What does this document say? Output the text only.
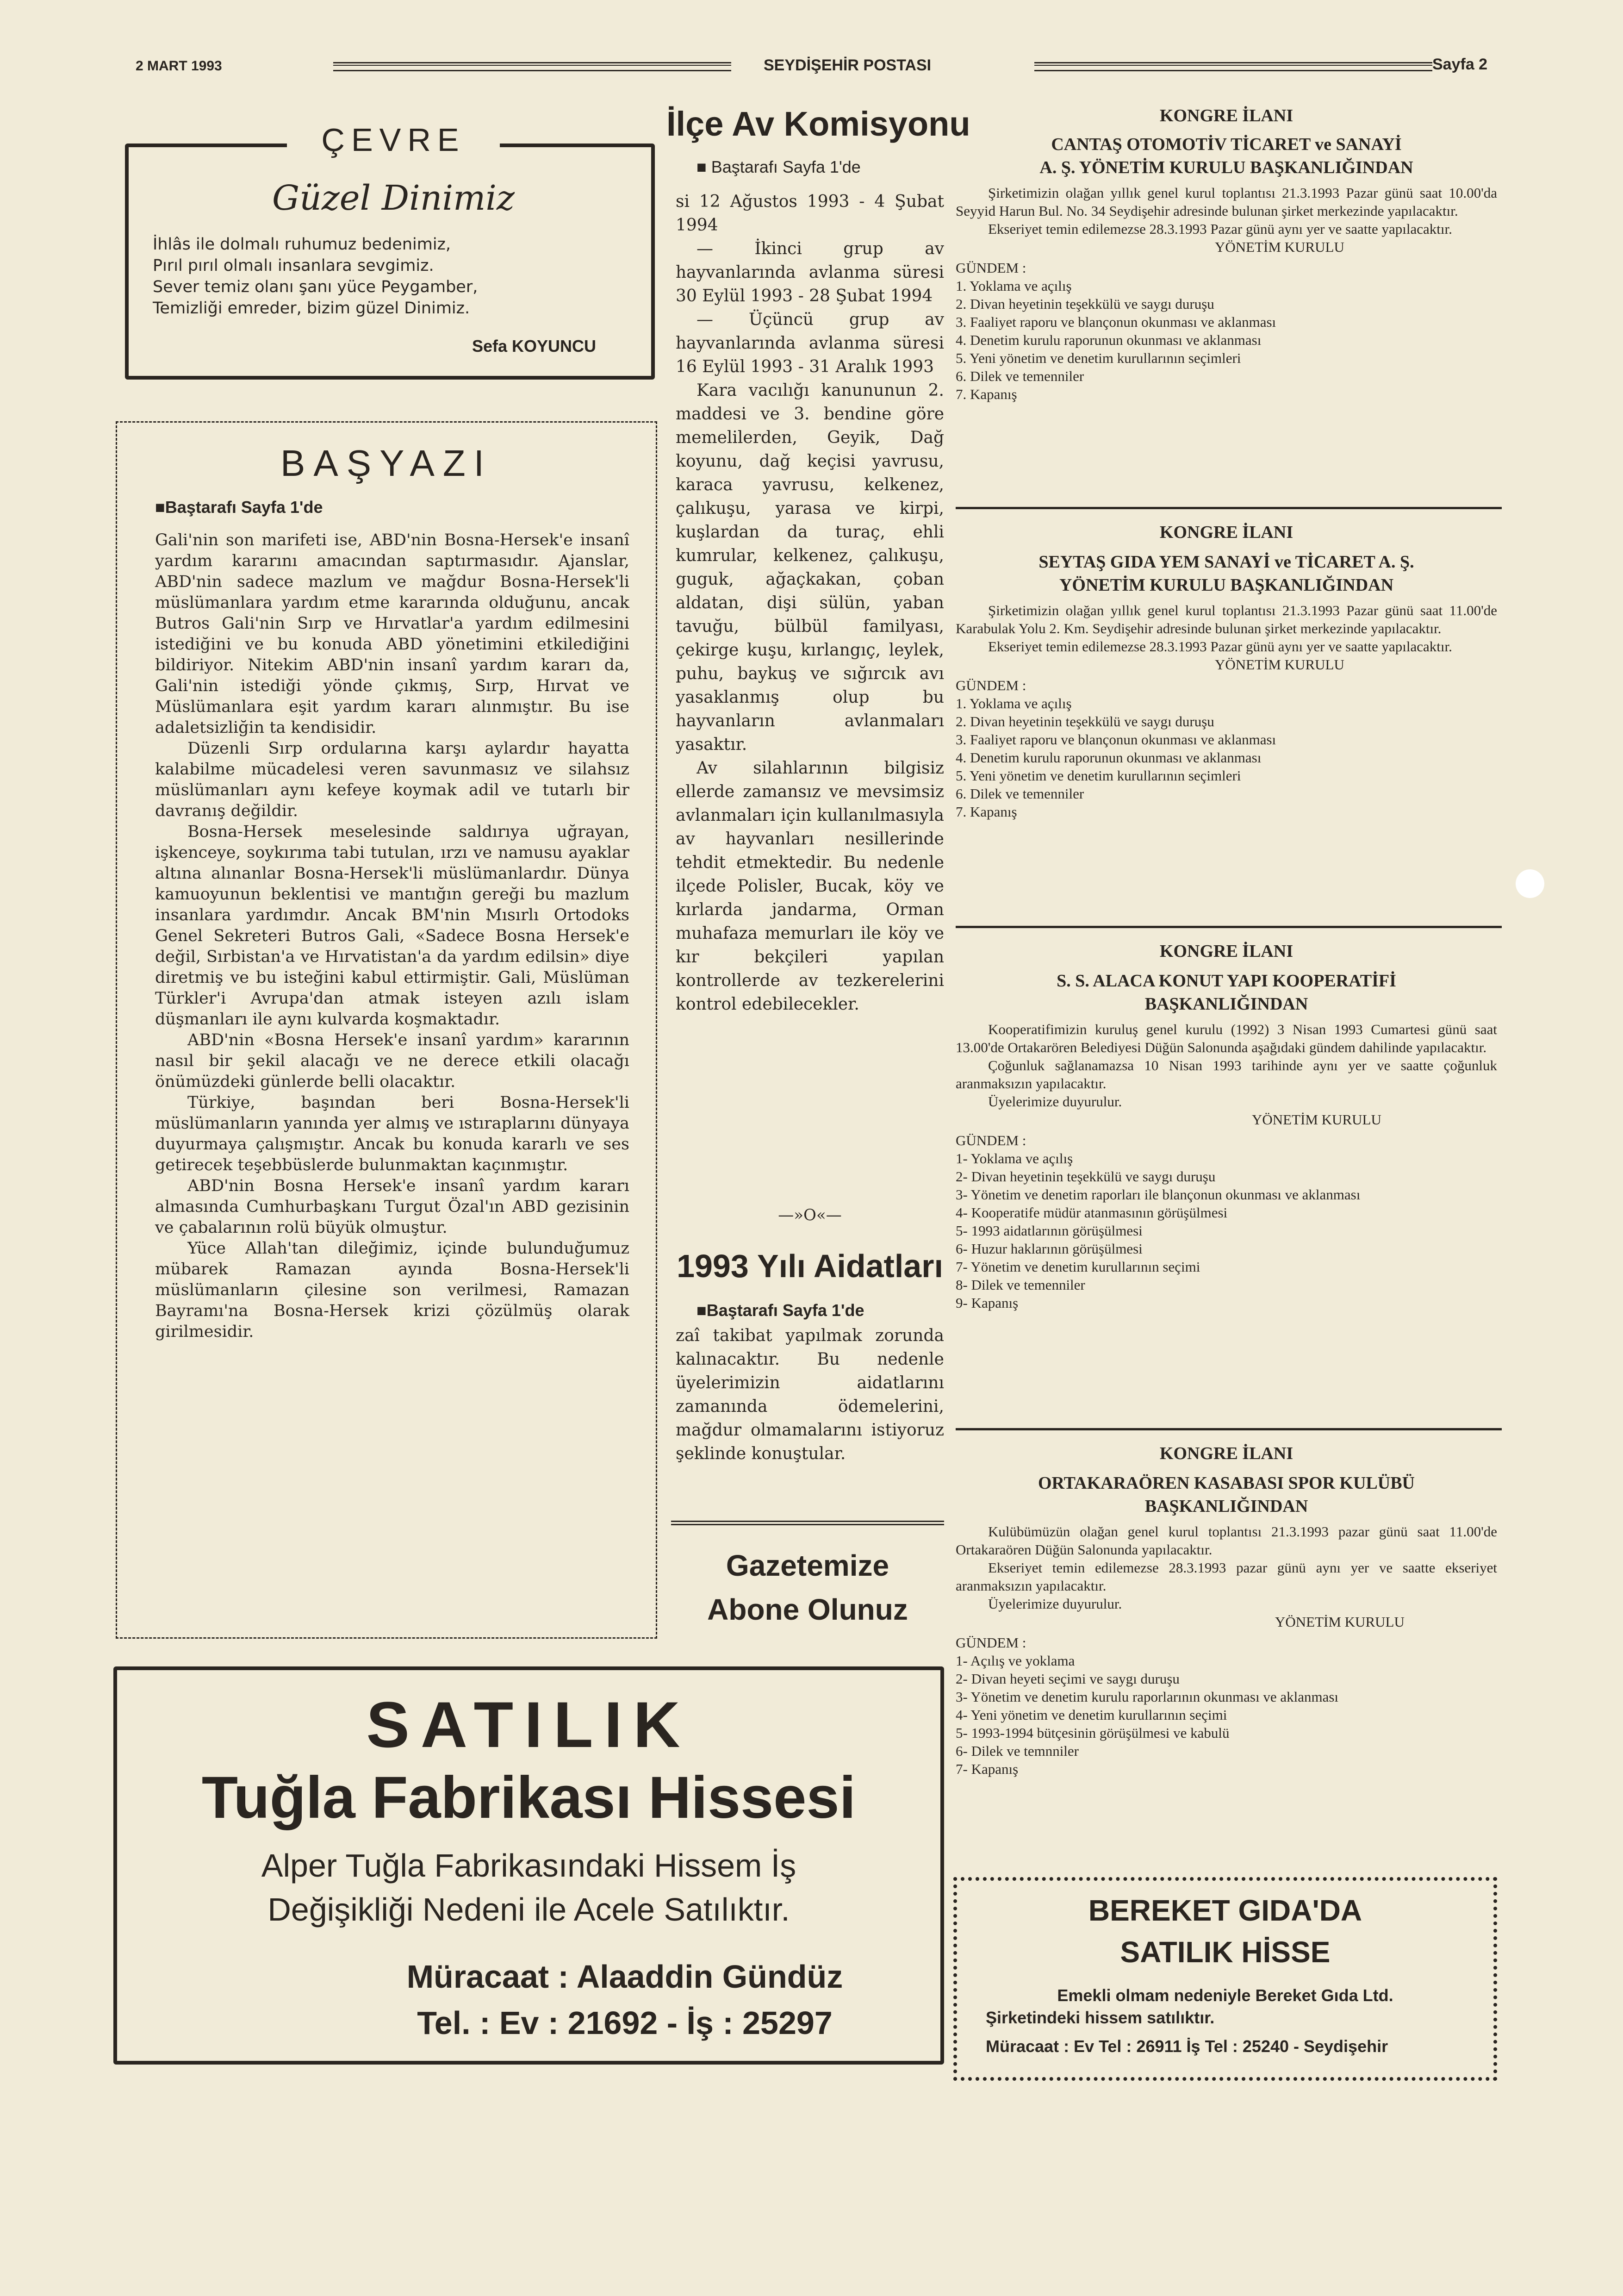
2 MART 1993	SEYDİŞEHİR POSTASI	Sayfa 2
ÇEVRE
Güzel Dinimiz
İhlâs ile dolmalı ruhumuz bedenimiz,
Pırıl pırıl olmalı insanlara sevgimiz.
Sever temiz olanı şanı yüce Peygamber,
Temizliği emreder, bizim güzel Dinimiz.
Sefa KOYUNCU
BAŞYAZI
■Baştarafı Sayfa 1'de

Gali'nin son marifeti ise, ABD'nin Bosna-Hersek'e insanî yardım kararını amacından saptırmasıdır. Ajanslar, ABD'nin sadece mazlum ve mağdur Bosna-Hersek'li müslümanlara yardım etme kararında olduğunu, ancak Butros Gali'nin Sırp ve Hırvatlar'a yardım edilmesini istediğini ve bu konuda ABD yönetimini etkilediğini bildiriyor. Nitekim ABD'nin insanî yardım kararı da, Gali'nin istediği yönde çıkmış, Sırp, Hırvat ve Müslümanlara eşit yardım kararı alınmıştır. Bu ise adaletsizliğin ta kendisidir.

Düzenli Sırp ordularına karşı aylardır hayatta kalabilme mücadelesi veren savunmasız ve silahsız müslümanları aynı kefeye koymak adil ve tutarlı bir davranış değildir.

Bosna-Hersek meselesinde saldırıya uğrayan, işkenceye, soykırıma tabi tutulan, ırzı ve namusu ayaklar altına alınanlar Bosna-Hersek'li müslümanlardır. Dünya kamuoyunun beklentisi ve mantığın gereği bu mazlum insanlara yardımdır. Ancak BM'nin Mısırlı Ortodoks Genel Sekreteri Butros Gali, «Sadece Bosna Hersek'e değil, Sırbistan'a ve Hırvatistan'a da yardım edilsin» diye diretmiş ve bu isteğini kabul ettirmiştir. Gali, Müslüman Türkler'i Avrupa'dan atmak isteyen azılı islam düşmanları ile aynı kulvarda koşmaktadır.

ABD'nin «Bosna Hersek'e insanî yardım» kararının nasıl bir şekil alacağı ve ne derece etkili olacağı önümüzdeki günlerde belli olacaktır.

Türkiye, başından beri Bosna-Hersek'li müslümanların yanında yer almış ve ıstıraplarını dünyaya duyurmaya çalışmıştır. Ancak bu konuda kararlı ve ses getirecek teşebbüslerde bulunmaktan kaçınmıştır.

ABD'nin Bosna Hersek'e insanî yardım kararı almasında Cumhurbaşkanı Turgut Özal'ın ABD gezisinin ve çabalarının rolü büyük olmuştur.

Yüce Allah'tan dileğimiz, içinde bulunduğumuz mübarek Ramazan ayında Bosna-Hersek'li müslümanların çilesine son verilmesi, Ramazan Bayramı'na Bosna-Hersek krizi çözülmüş olarak girilmesidir.

İlçe Av Komisyonu
■ Baştarafı Sayfa 1'de

si 12 Ağustos 1993 - 4 Şubat 1994

— İkinci grup av hayvanlarında avlanma süresi 30 Eylül 1993 - 28 Şubat 1994

— Üçüncü grup av hayvanlarında avlanma süresi 16 Eylül 1993 - 31 Aralık 1993

Kara vacılığı kanununun 2. maddesi ve 3. bendine göre memelilerden, Geyik, Dağ koyunu, dağ keçisi yavrusu, karaca yavrusu, kelkenez, çalıkuşu, yarasa ve kirpi, kuşlardan da turaç, ehli kumrular, kelkenez, çalıkuşu, guguk, ağaçkakan, çoban aldatan, dişi sülün, yaban tavuğu, bülbül familyası, çekirge kuşu, kırlangıç, leylek, puhu, baykuş ve sığırcık avı yasaklanmış olup bu hayvanların avlanmaları yasaktır.

Av silahlarının bilgisiz ellerde zamansız ve mevsimsiz avlanmaları için kullanılmasıyla av hayvanları nesillerinde tehdit etmektedir. Bu nedenle ilçede Polisler, Bucak, köy ve kırlarda jandarma, Orman muhafaza memurları ile köy ve kır bekçileri yapılan kontrollerde av tezkerelerini kontrol edebilecekler.

—»O«—
1993 Yılı Aidatları
■Baştarafı Sayfa 1'de
zaî takibat yapılmak zorunda kalınacaktır. Bu nedenle üyelerimizin aidatlarını zamanında ödemelerini, mağdur olmamalarını istiyoruz şeklinde konuştular.
Gazetemize
Abone Olunuz
SATILIK
Tuğla Fabrikası Hissesi
Alper Tuğla Fabrikasındaki Hissem İş
Değişikliği Nedeni ile Acele Satılıktır.
Müracaat : Alaaddin Gündüz
Tel. : Ev : 21692 - İş : 25297

KONGRE İLANI

CANTAŞ OTOMOTİV TİCARET ve SANAYİ

A. Ş. YÖNETİM KURULU BAŞKANLIĞINDAN

Şirketimizin olağan yıllık genel kurul toplantısı 21.3.1993 Pazar günü saat 10.00'da Seyyid Harun Bul. No. 34 Seydişehir adresinde bulunan şirket merkezinde yapılacaktır.

Ekseriyet temin edilemezse 28.3.1993 Pazar günü aynı yer ve saatte yapılacaktır.

YÖNETİM KURULU

GÜNDEM :

1. Yoklama ve açılış

2. Divan heyetinin teşekkülü ve saygı duruşu

3. Faaliyet raporu ve blançonun okunması ve aklanması

4. Denetim kurulu raporunun okunması ve aklanması

5. Yeni yönetim ve denetim kurullarının seçimleri

6. Dilek ve temenniler

7. Kapanış

KONGRE İLANI

SEYTAŞ GIDA YEM SANAYİ ve TİCARET A. Ş.

YÖNETİM KURULU BAŞKANLIĞINDAN

Şirketimizin olağan yıllık genel kurul toplantısı 21.3.1993 Pazar günü saat 11.00'de Karabulak Yolu 2. Km. Seydişehir adresinde bulunan şirket merkezinde yapılacaktır.

Ekseriyet temin edilemezse 28.3.1993 Pazar günü aynı yer ve saatte yapılacaktır.

YÖNETİM KURULU

GÜNDEM :

1. Yoklama ve açılış

2. Divan heyetinin teşekkülü ve saygı duruşu

3. Faaliyet raporu ve blançonun okunması ve aklanması

4. Denetim kurulu raporunun okunması ve aklanması

5. Yeni yönetim ve denetim kurullarının seçimleri

6. Dilek ve temenniler

7. Kapanış

KONGRE İLANI

S. S. ALACA KONUT YAPI KOOPERATİFİ

BAŞKANLIĞINDAN

Kooperatifimizin kuruluş genel kurulu (1992) 3 Nisan 1993 Cumartesi günü saat 13.00'de Ortakarören Belediyesi Düğün Salonunda aşağıdaki gündem dahilinde yapılacaktır.

Çoğunluk sağlanamazsa 10 Nisan 1993 tarihinde aynı yer ve saatte çoğunluk aranmaksızın yapılacaktır.

Üyelerimize duyurulur.

YÖNETİM KURULU

GÜNDEM :

1- Yoklama ve açılış

2- Divan heyetinin teşekkülü ve saygı duruşu

3- Yönetim ve denetim raporları ile blançonun okunması ve aklanması

4- Kooperatife müdür atanmasının görüşülmesi

5- 1993 aidatlarının görüşülmesi

6- Huzur haklarının görüşülmesi

7- Yönetim ve denetim kurullarının seçimi

8- Dilek ve temenniler

9- Kapanış

KONGRE İLANI

ORTAKARAÖREN KASABASI SPOR KULÜBÜ

BAŞKANLIĞINDAN

Kulübümüzün olağan genel kurul toplantısı 21.3.1993 pazar günü saat 11.00'de Ortakaraören Düğün Salonunda yapılacaktır.

Ekseriyet temin edilemezse 28.3.1993 pazar günü aynı yer ve saatte ekseriyet aranmaksızın yapılacaktır.

Üyelerimize duyurulur.

YÖNETİM KURULU

GÜNDEM :

1- Açılış ve yoklama

2- Divan heyeti seçimi ve saygı duruşu

3- Yönetim ve denetim kurulu raporlarının okunması ve aklanması

4- Yeni yönetim ve denetim kurullarının seçimi

5- 1993-1994 bütçesinin görüşülmesi ve kabulü

6- Dilek ve temnniler

7- Kapanış

BEREKET GIDA'DA
SATILIK HİSSE
Emekli olmam nedeniyle Bereket Gıda Ltd.
Şirketindeki hissem satılıktır.
Müracaat : Ev Tel : 26911 İş Tel : 25240 - Seydişehir
